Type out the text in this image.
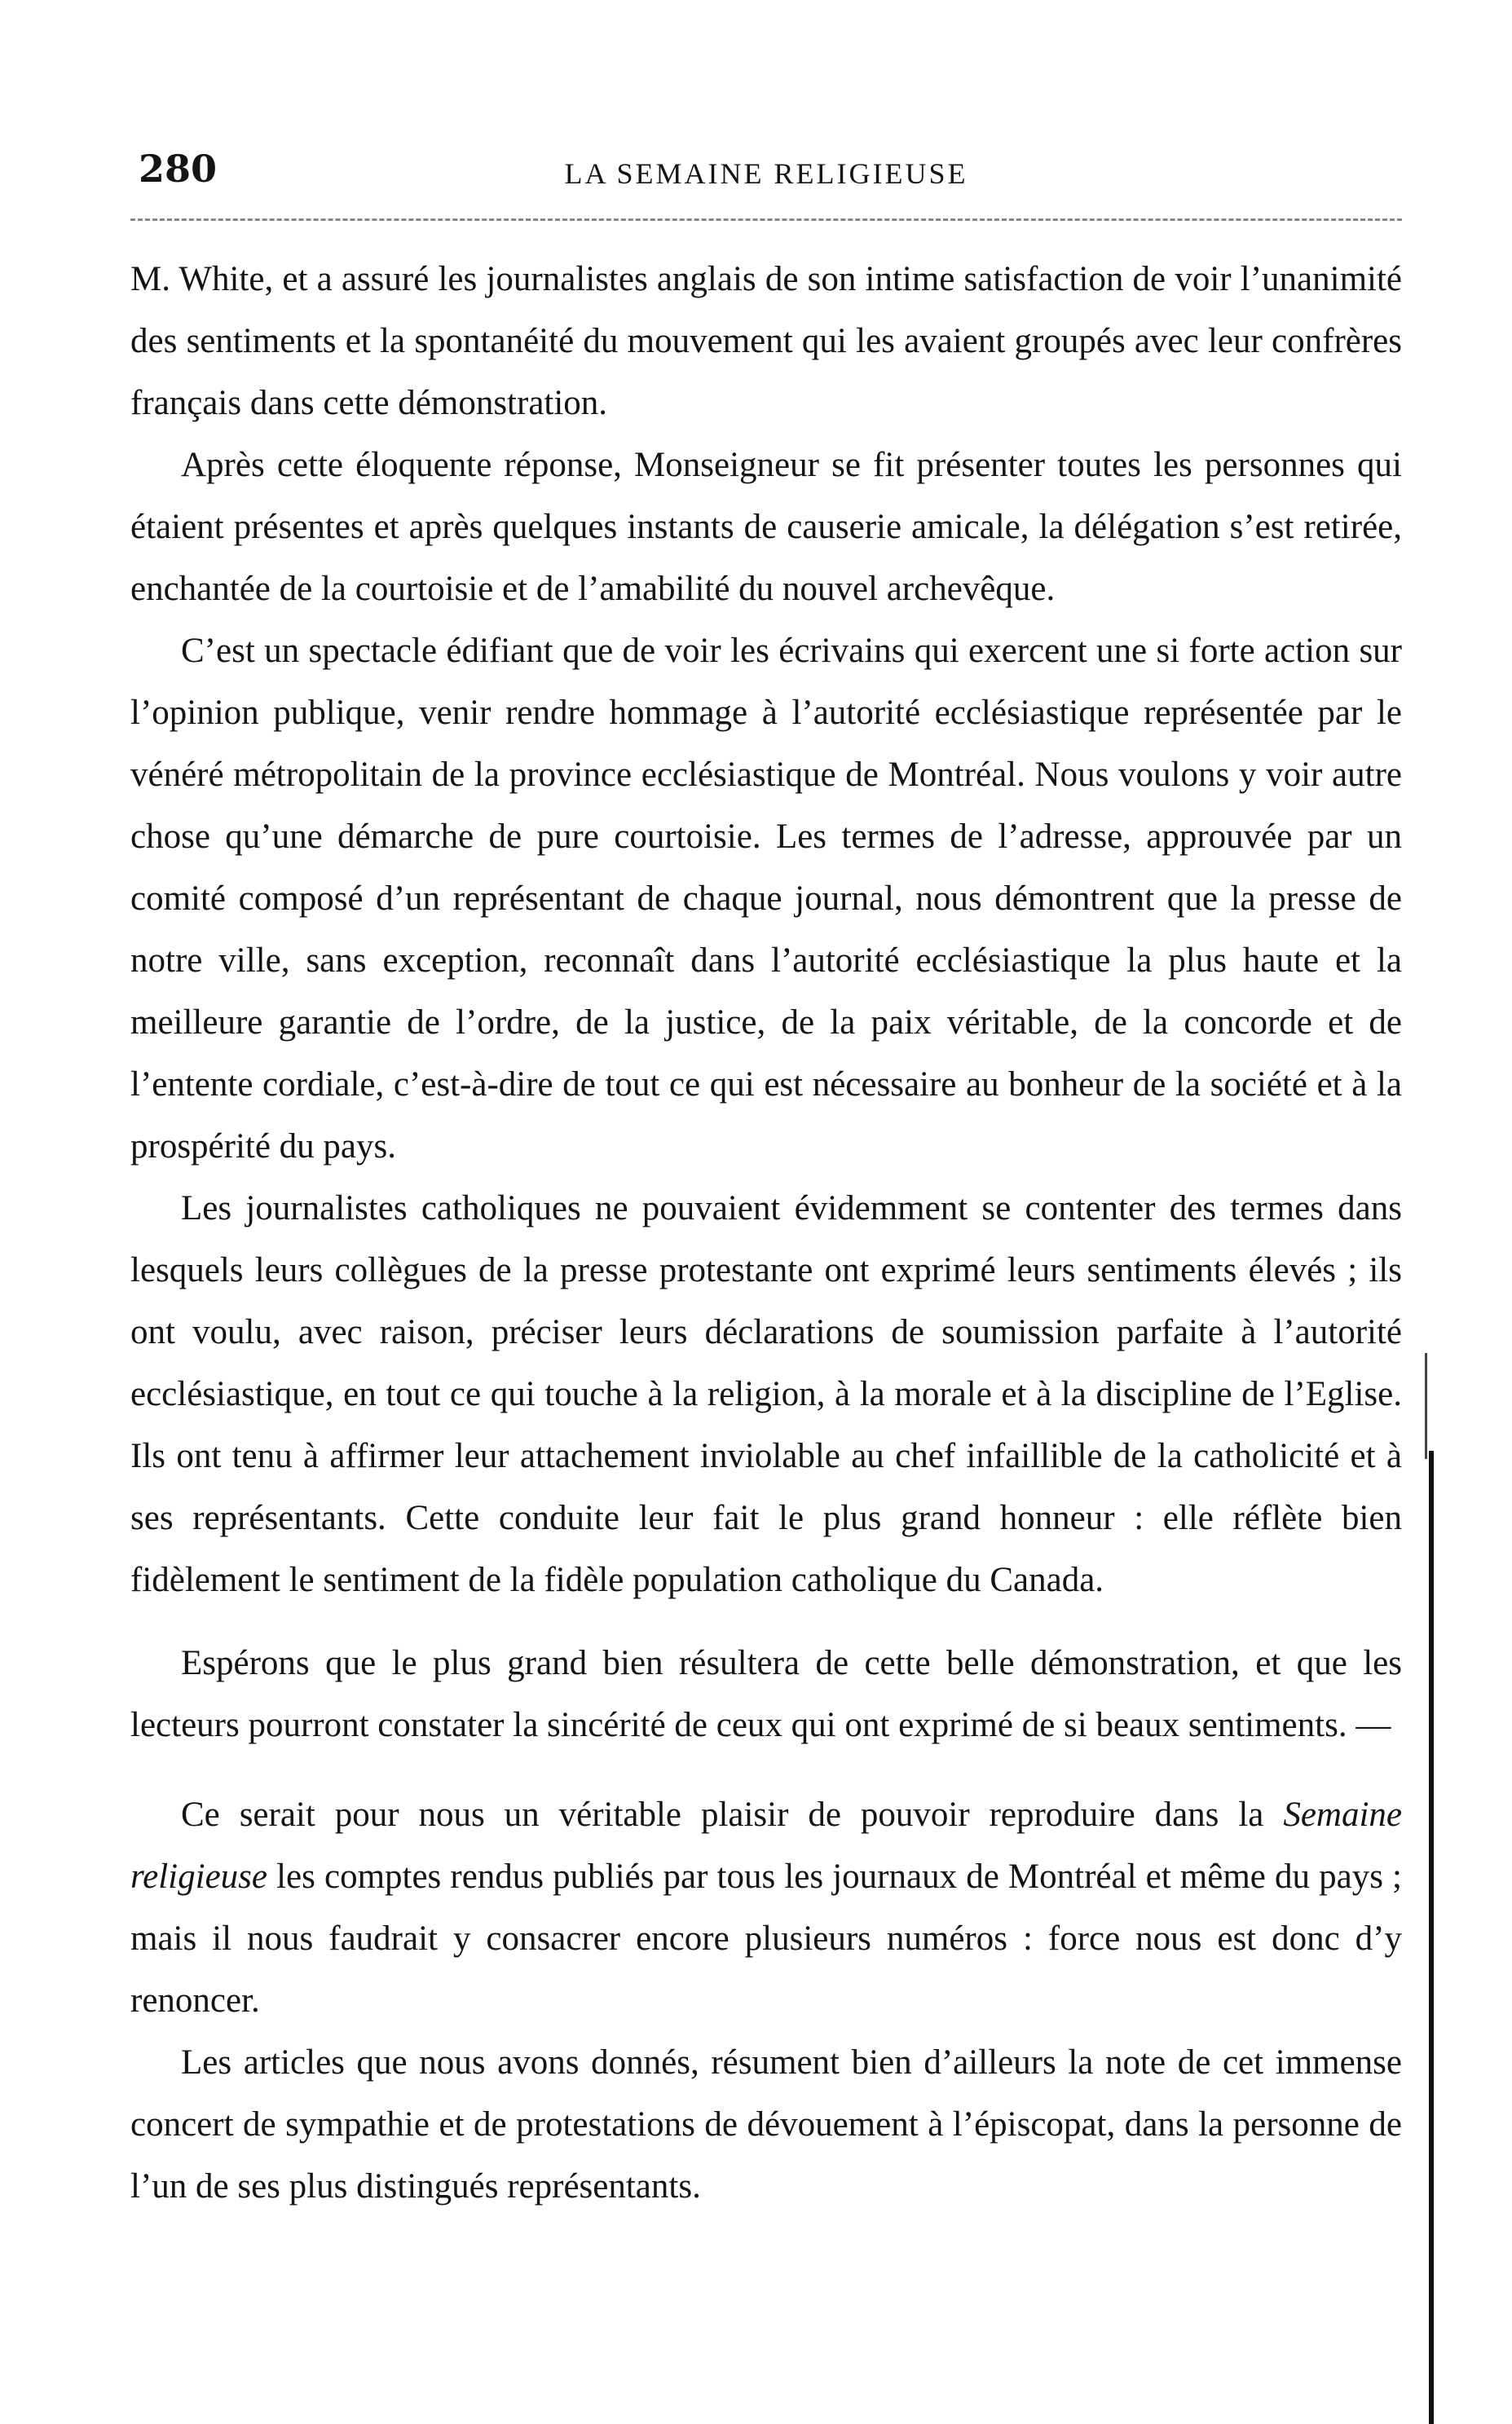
280	LA SEMAINE RELIGIEUSE

M. White, et a assuré les journalistes anglais de son intime satisfaction de voir l’unanimité des sentiments et la spontanéité du mouvement qui les avaient groupés avec leur confrères français dans cette démonstration.

Après cette éloquente réponse, Monseigneur se fit présenter toutes les personnes qui étaient présentes et après quelques instants de causerie amicale, la délégation s’est retirée, enchantée de la courtoisie et de l’amabilité du nouvel archevêque.

C’est un spectacle édifiant que de voir les écrivains qui exercent une si forte action sur l’opinion publique, venir rendre hommage à l’autorité ecclésiastique représentée par le vénéré métropolitain de la province ecclésiastique de Montréal. Nous voulons y voir autre chose qu’une démarche de pure courtoisie. Les termes de l’adresse, approuvée par un comité composé d’un représentant de chaque journal, nous démontrent que la presse de notre ville, sans exception, reconnaît dans l’autorité ecclésiastique la plus haute et la meilleure garantie de l’ordre, de la justice, de la paix véritable, de la concorde et de l’entente cordiale, c’est-à-dire de tout ce qui est nécessaire au bonheur de la société et à la prospérité du pays.

Les journalistes catholiques ne pouvaient évidemment se contenter des termes dans lesquels leurs collègues de la presse protestante ont exprimé leurs sentiments élevés ; ils ont voulu, avec raison, préciser leurs déclarations de soumission parfaite à l’autorité ecclésiastique, en tout ce qui touche à la religion, à la morale et à la discipline de l’Eglise. Ils ont tenu à affirmer leur attachement inviolable au chef infaillible de la catholicité et à ses représentants. Cette conduite leur fait le plus grand honneur : elle réflète bien fidèlement le sentiment de la fidèle population catholique du Canada.

Espérons que le plus grand bien résultera de cette belle démonstration, et que les lecteurs pourront constater la sincérité de ceux qui ont exprimé de si beaux sentiments. —

Ce serait pour nous un véritable plaisir de pouvoir reproduire dans la Semaine religieuse les comptes rendus publiés par tous les journaux de Montréal et même du pays ; mais il nous faudrait y consacrer encore plusieurs numéros : force nous est donc d’y renoncer.

Les articles que nous avons donnés, résument bien d’ailleurs la note de cet immense concert de sympathie et de protestations de dévouement à l’épiscopat, dans la personne de l’un de ses plus distingués représentants.
